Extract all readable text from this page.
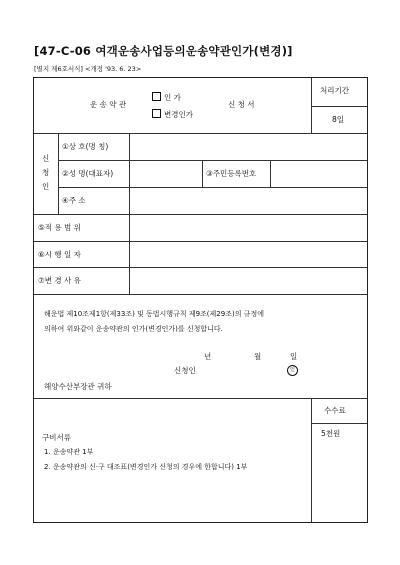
[47-C-06 여객운송사업등의운송약관인가(변경)]
[별지 제6호서식] <개정 '93. 6. 23>
운 송 약 관
인 가
변경인가
신 청 서
처리기간
8일
신
청
인
①상 호(명 칭)
②성 명(대표자)	③주민등록번호
④주 소
⑤적 용 범 위
⑥시 행 일 자
⑦변 경 사 유
해운법 제10조제1항(제33조) 및 동법시행규칙 제9조(제29조)의 규정에
의하여 위와같이 운송약관의 인가(변경인가)를 신청합니다.
년	월	일
신청인	인
해양수산부장관 귀하
수수료
5천원
구비서류
1. 운송약관 1부
2. 운송약관의 신·구 대조표(변경인가 신청의 경우에 한합니다) 1부
